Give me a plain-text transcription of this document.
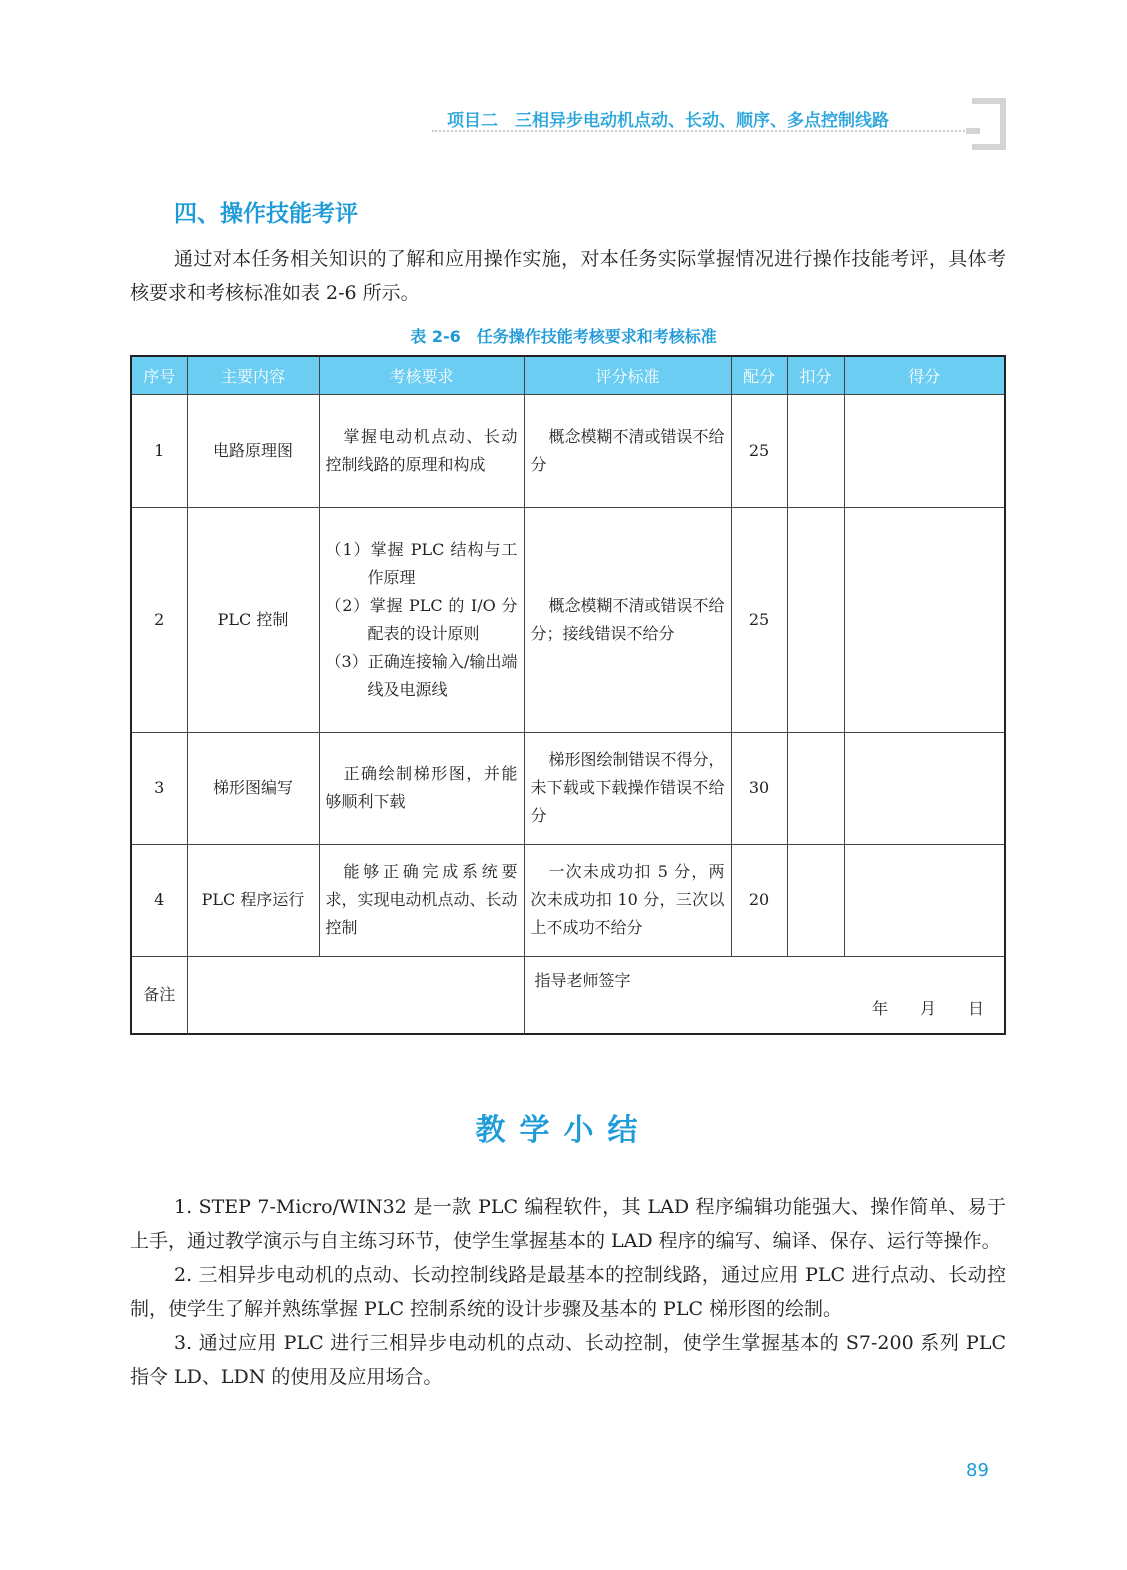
项目二　三相异步电动机点动、长动、顺序、多点控制线路
四、操作技能考评

通过对本任务相关知识的了解和应用操作实施，对本任务实际掌握情况进行操作技能考评，具体考核要求和考核标准如表 2-6 所示。

表 2-6　任务操作技能考核要求和考核标准
序号	主要内容	考核要求	评分标准	配分	扣分	得分
1	电路原理图	掌握电动机点动、长动控制线路的原理和构成	概念模糊不清或错误不给分	25		
2	PLC 控制	（1）掌握 PLC 结构与工作原理
（2）掌握 PLC 的 I/O 分配表的设计原则
（3）正确连接输入/输出端线及电源线	概念模糊不清或错误不给分；接线错误不给分	25		
3	梯形图编写	正确绘制梯形图，并能够顺利下载	梯形图绘制错误不得分，未下载或下载操作错误不给分	30		
4	PLC 程序运行	能够正确完成系统要求，实现电动机点动、长动控制	一次未成功扣 5 分，两次未成功扣 10 分，三次以上不成功不给分	20		
备注			指导老师签字
年　　月　　日			
教学小结

1. STEP 7-Micro/WIN32 是一款 PLC 编程软件，其 LAD 程序编辑功能强大、操作简单、易于上手，通过教学演示与自主练习环节，使学生掌握基本的 LAD 程序的编写、编译、保存、运行等操作。

2. 三相异步电动机的点动、长动控制线路是最基本的控制线路，通过应用 PLC 进行点动、长动控制，使学生了解并熟练掌握 PLC 控制系统的设计步骤及基本的 PLC 梯形图的绘制。

3. 通过应用 PLC 进行三相异步电动机的点动、长动控制，使学生掌握基本的 S7-200 系列 PLC 指令 LD、LDN 的使用及应用场合。

89
